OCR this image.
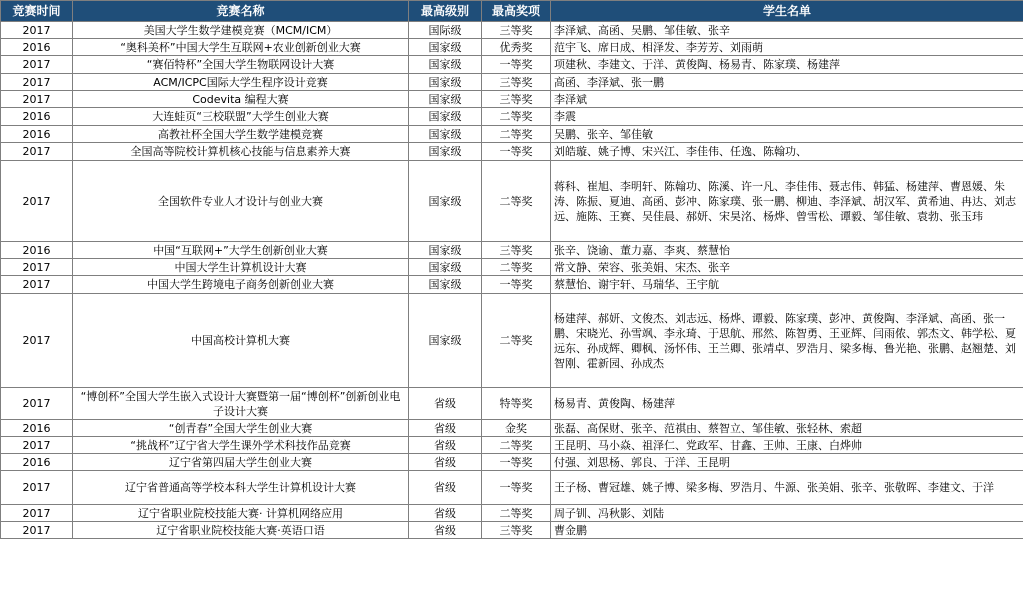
竞赛时间	竞赛名称	最高级别	最高奖项	学生名单
2017	美国大学生数学建模竞赛（MCM/ICM）	国际级	三等奖	李泽斌、高函、吴鹏、邹佳敏、张辛
2016	“奥科美杯”中国大学生互联网+农业创新创业大赛	国家级	优秀奖	范宇飞、席日成、相泽发、李芳芳、刘雨萌
2017	“赛佰特杯”全国大学生物联网设计大赛	国家级	一等奖	项建秋、李建文、于洋、黄俊陶、杨易青、陈家璞、杨建萍
2017	ACM/ICPC国际大学生程序设计竞赛	国家级	三等奖	高函、李泽斌、张一鹏
2017	Codevita 编程大赛	国家级	三等奖	李泽斌
2016	大连蛙页“三校联盟”大学生创业大赛	国家级	二等奖	李震
2016	高教社杯全国大学生数学建模竞赛	国家级	二等奖	吴鹏、张辛、邹佳敏
2017	全国高等院校计算机核心技能与信息素养大赛	国家级	一等奖	刘皓璇、姚子博、宋兴江、李佳伟、任逸、陈翰功、
2017	全国软件专业人才设计与创业大赛	国家级	二等奖	蒋科、崔旭、李明轩、陈翰功、陈溪、许一凡、李佳伟、聂志伟、韩猛、杨建萍、曹恩媛、朱涛、陈振、夏迪、高函、彭冲、陈家璞、张一鹏、柳迪、李泽斌、胡汉军、黄希迪、冉达、刘志远、施陈、王赛、吴佳晨、郝妍、宋昊洺、杨烨、曾雪松、谭毅、邹佳敏、袁勃、张玉玮
2016	中国“互联网+”大学生创新创业大赛	国家级	三等奖	张辛、饶谕、董力嘉、李爽、蔡慧怡
2017	中国大学生计算机设计大赛	国家级	二等奖	常文静、荣容、张美娟、宋杰、张辛
2017	中国大学生跨境电子商务创新创业大赛	国家级	一等奖	蔡慧怡、谢宇轩、马瑞华、王宇航
2017	中国高校计算机大赛	国家级	二等奖	杨建萍、郝妍、文俊杰、刘志远、杨烨、谭毅、陈家璞、彭冲、黄俊陶、李泽斌、高函、张一鹏、宋晓光、孙雪飒、李永琦、于思航、邢然、陈智勇、王亚辉、闫雨侬、郭杰文、韩学松、夏远东、孙成辉、卿枫、汤怀伟、王兰卿、张靖卓、罗浩月、梁多梅、鲁光艳、张鹏、赵翘楚、刘智刚、霍新园、孙成杰
2017	“博创杯”全国大学生嵌入式设计大赛暨第一届“博创杯”创新创业电子设计大赛	省级	特等奖	杨易青、黄俊陶、杨建萍
2016	“创青春”全国大学生创业大赛	省级	金奖	张磊、高保财、张辛、范祺由、蔡智立、邹佳敏、张轻林、索超
2017	“挑战杯”辽宁省大学生课外学术科技作品竞赛	省级	二等奖	王昆明、马小焱、祖泽仁、党政军、甘鑫、王帅、王康、白烨帅
2016	辽宁省第四届大学生创业大赛	省级	一等奖	付强、刘思杨、郭良、于洋、王昆明
2017	辽宁省普通高等学校本科大学生计算机设计大赛	省级	一等奖	王子杨、曹冠雄、姚子博、梁多梅、罗浩月、牛源、张美娟、张辛、张敬晖、李建文、于洋
2017	辽宁省职业院校技能大赛· 计算机网络应用	省级	二等奖	周子钏、冯秋影、刘陆
2017	辽宁省职业院校技能大赛·英语口语	省级	三等奖	曹金鹏
